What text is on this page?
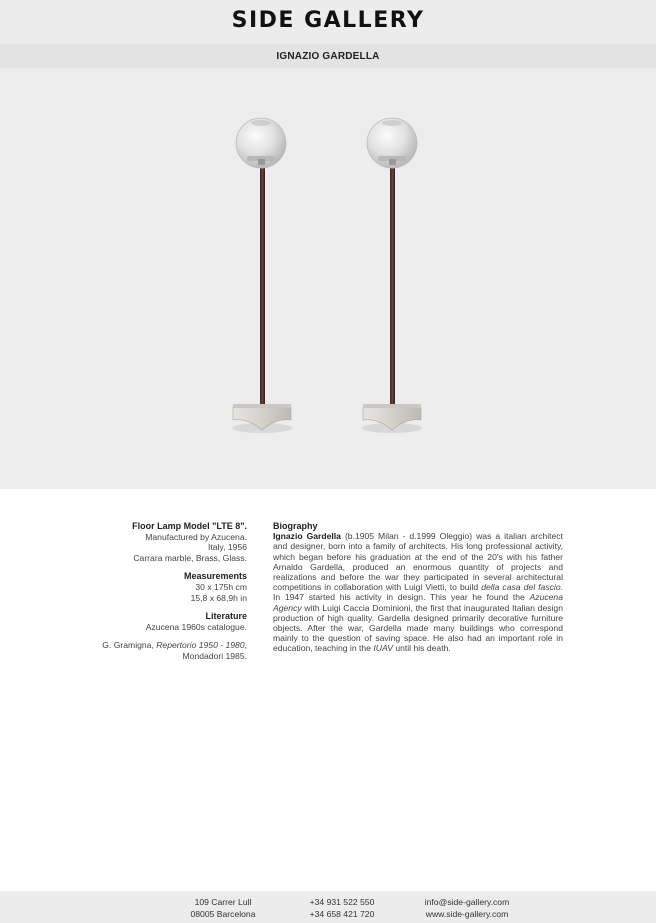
SIDE GALLERY
IGNAZIO GARDELLA

Floor Lamp Model "LTE 8".

Manufactured by Azucena.

Italy, 1956

Carrara marble, Brass, Glass.

Measurements

30 x 175h cm

15,8 x 68,9h in

Literature

Azucena 1960s catalogue.

G. Gramigna, Repertorio 1950 - 1980,

Mondadori 1985.

Biography
Ignazio Gardella (b.1905 Milan - d.1999 Oleggio) was a italian architect and designer, born into a family of architects. His long professional activity, which began before his graduation at the end of the 20's with his father Arnaldo Gardella, produced an enormous quantity of projects and realizations and before the war they participated in several architectural competitions in collaboration with Luigi Vietti, to build della casa del fascio. In 1947 started his activity in design. This year he found the Azucena Agency with Luigi Caccia Dominioni, the first that inaugurated Italian design production of high quality. Gardella designed primarily decorative furniture objects. After the war, Gardella made many buildings who correspond mainly to the question of saving space. He also had an important role in education, teaching in the IUAV until his death.
109 Carrer Lull
08005 Barcelona
+34 931 522 550
+34 658 421 720
info@side-gallery.com
www.side-gallery.com
